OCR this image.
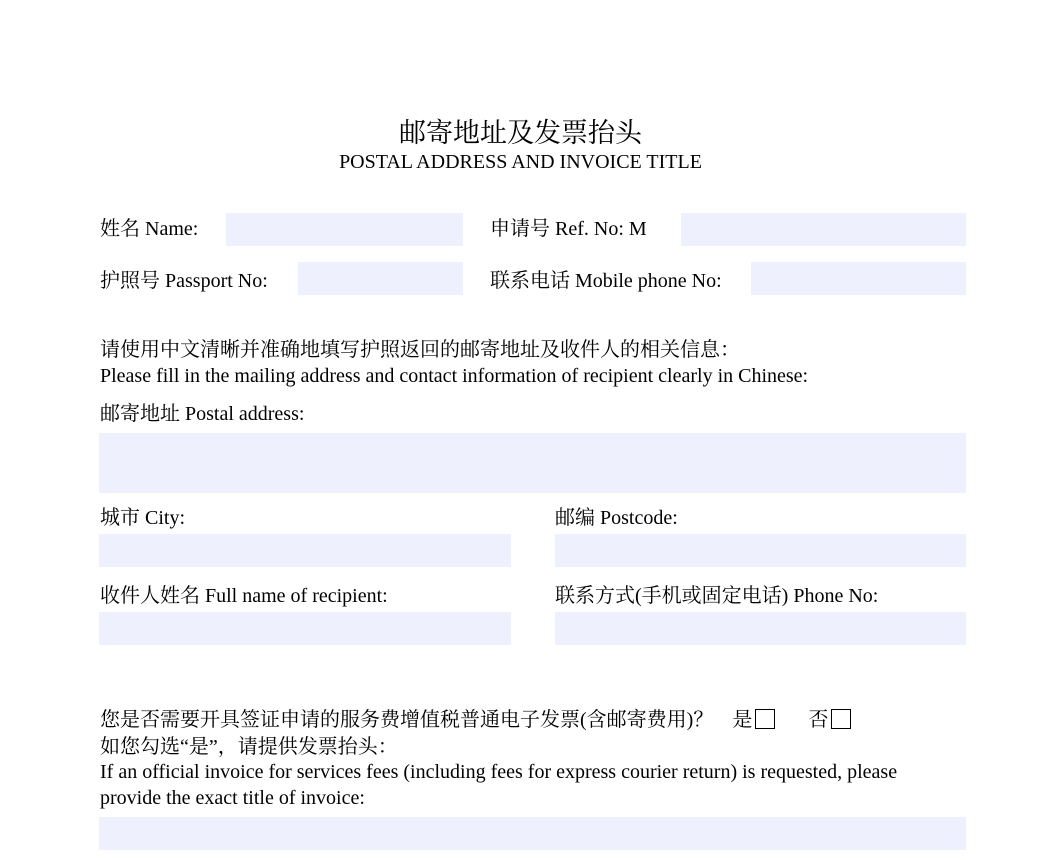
邮寄地址及发票抬头
POSTAL ADDRESS AND INVOICE TITLE
姓名 Name:	申请号 Ref. No: M
护照号 Passport No:	联系电话 Mobile phone No:
请使用中文清晰并准确地填写护照返回的邮寄地址及收件人的相关信息：
Please fill in the mailing address and contact information of recipient clearly in Chinese:
邮寄地址 Postal address:
城市 City:	邮编 Postcode:
收件人姓名 Full name of recipient:	联系方式(手机或固定电话) Phone No:
您是否需要开具签证申请的服务费增值税普通电子发票(含邮寄费用)？ 是	否
如您勾选“是”，请提供发票抬头：
If an official invoice for services fees (including fees for express courier return) is requested, please
provide the exact title of invoice:
